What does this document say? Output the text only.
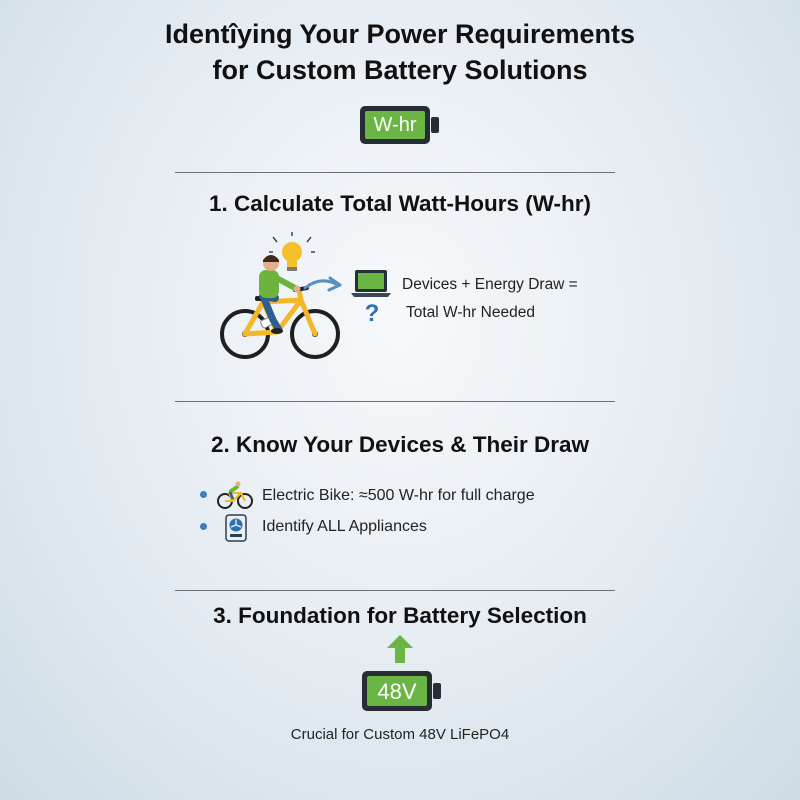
Identîying Your Power Requirements
for Custom Battery Solutions
W-hr
1. Calculate Total Watt-Hours (W-hr)
?
Devices + Energy Draw =
Total W-hr Needed
2. Know Your Devices & Their Draw
Electric Bike: ≈500 W-hr for full charge
Identify ALL Appliances
3. Foundation for Battery Selection
48V
Crucial for Custom 48V LiFePO4
